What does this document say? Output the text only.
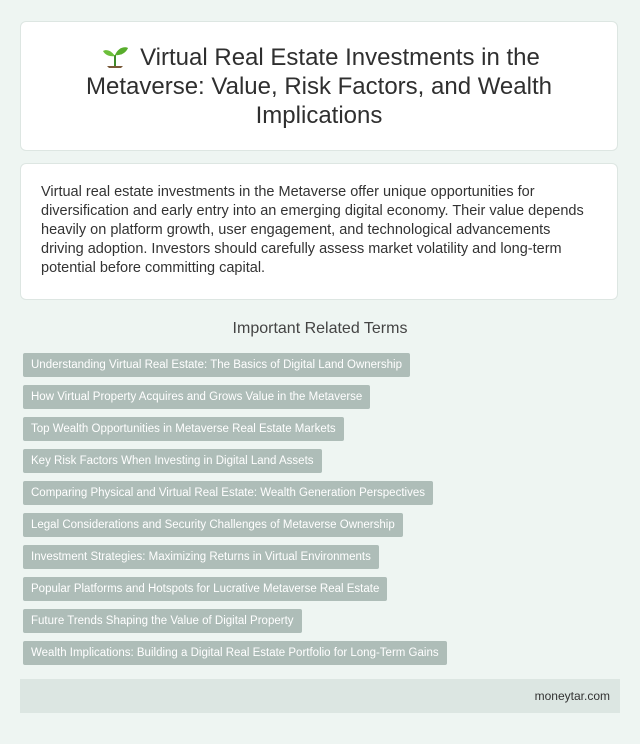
Virtual Real Estate Investments in the Metaverse: Value, Risk Factors, and Wealth Implications

Virtual real estate investments in the Metaverse offer unique opportunities for diversification and early entry into an emerging digital economy. Their value depends heavily on platform growth, user engagement, and technological advancements driving adoption. Investors should carefully assess market volatility and long-term potential before committing capital.

Important Related Terms
Understanding Virtual Real Estate: The Basics of Digital Land Ownership
How Virtual Property Acquires and Grows Value in the Metaverse
Top Wealth Opportunities in Metaverse Real Estate Markets
Key Risk Factors When Investing in Digital Land Assets
Comparing Physical and Virtual Real Estate: Wealth Generation Perspectives
Legal Considerations and Security Challenges of Metaverse Ownership
Investment Strategies: Maximizing Returns in Virtual Environments
Popular Platforms and Hotspots for Lucrative Metaverse Real Estate
Future Trends Shaping the Value of Digital Property
Wealth Implications: Building a Digital Real Estate Portfolio for Long-Term Gains
moneytar.com
